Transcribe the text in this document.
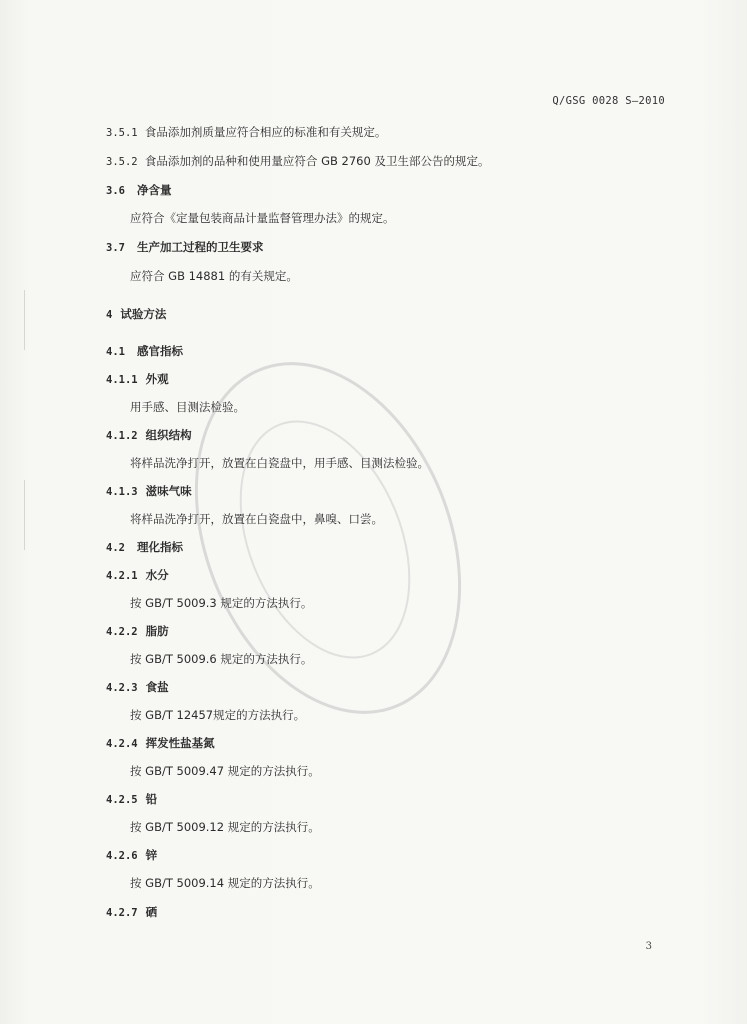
Q/GSG 0028 S—2010
3.5.1 食品添加剂质量应符合相应的标准和有关规定。
3.5.2 食品添加剂的品种和使用量应符合 GB 2760 及卫生部公告的规定。
3.6 净含量
应符合《定量包装商品计量监督管理办法》的规定。
3.7 生产加工过程的卫生要求
应符合 GB 14881 的有关规定。
4 试验方法
4.1 感官指标
4.1.1 外观
用手感、目测法检验。
4.1.2 组织结构
将样品洗净打开，放置在白瓷盘中，用手感、目测法检验。
4.1.3 滋味气味
将样品洗净打开，放置在白瓷盘中，鼻嗅、口尝。
4.2 理化指标
4.2.1 水分
按 GB/T 5009.3 规定的方法执行。
4.2.2 脂肪
按 GB/T 5009.6 规定的方法执行。
4.2.3 食盐
按 GB/T 12457规定的方法执行。
4.2.4 挥发性盐基氮
按 GB/T 5009.47 规定的方法执行。
4.2.5 铅
按 GB/T 5009.12 规定的方法执行。
4.2.6 锌
按 GB/T 5009.14 规定的方法执行。
4.2.7 硒
3
